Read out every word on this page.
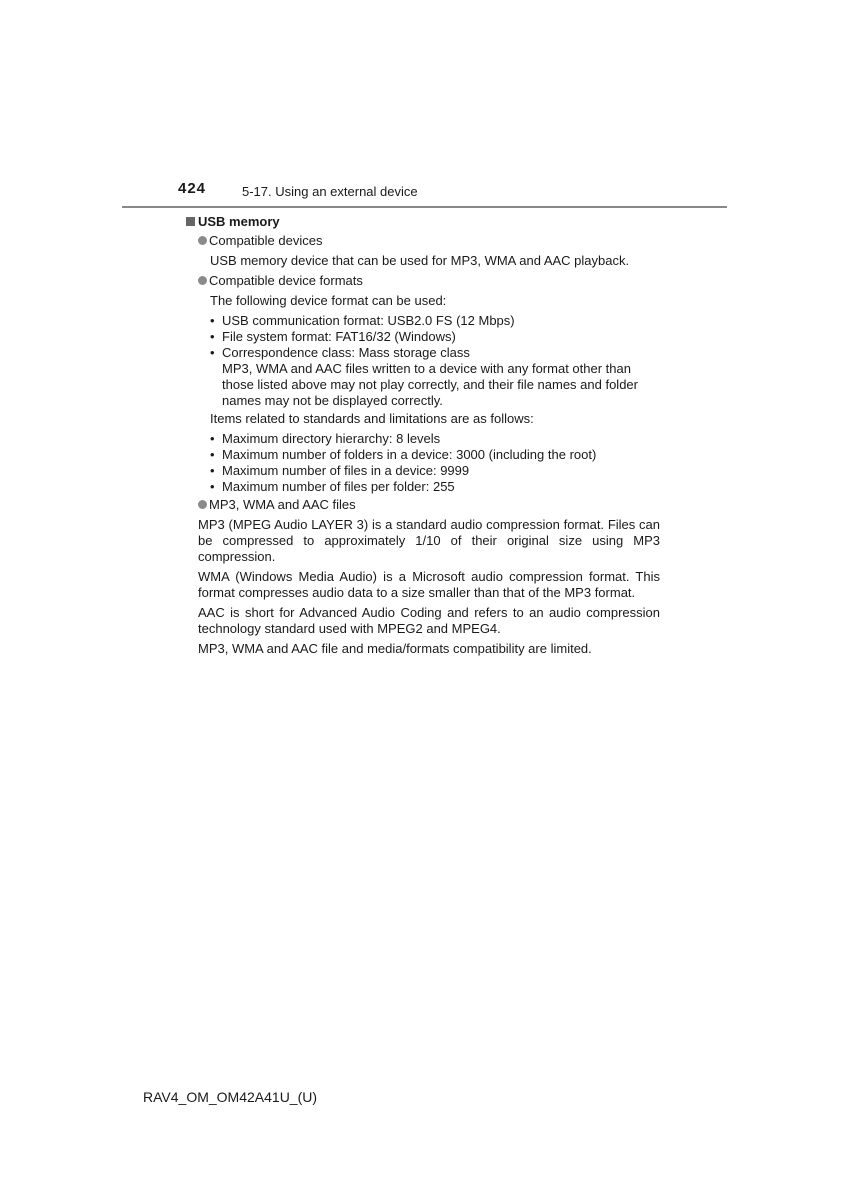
424	5-17. Using an external device
USB memory
Compatible devices

USB memory device that can be used for MP3, WMA and AAC playback.

Compatible device formats

The following device format can be used:

• USB communication format: USB2.0 FS (12 Mbps)
• File system format: FAT16/32 (Windows)
• Correspondence class: Mass storage class

MP3, WMA and AAC files written to a device with any format other than those listed above may not play correctly, and their file names and folder names may not be displayed correctly.

Items related to standards and limitations are as follows:

• Maximum directory hierarchy: 8 levels
• Maximum number of folders in a device: 3000 (including the root)
• Maximum number of files in a device: 9999
• Maximum number of files per folder: 255
MP3, WMA and AAC files

MP3 (MPEG Audio LAYER 3) is a standard audio compression format. Files can be compressed to approximately 1/10 of their original size using MP3 compression.

WMA (Windows Media Audio) is a Microsoft audio compression format. This format compresses audio data to a size smaller than that of the MP3 format.

AAC is short for Advanced Audio Coding and refers to an audio compression technology standard used with MPEG2 and MPEG4.

MP3, WMA and AAC file and media/formats compatibility are limited.

RAV4_OM_OM42A41U_(U)
